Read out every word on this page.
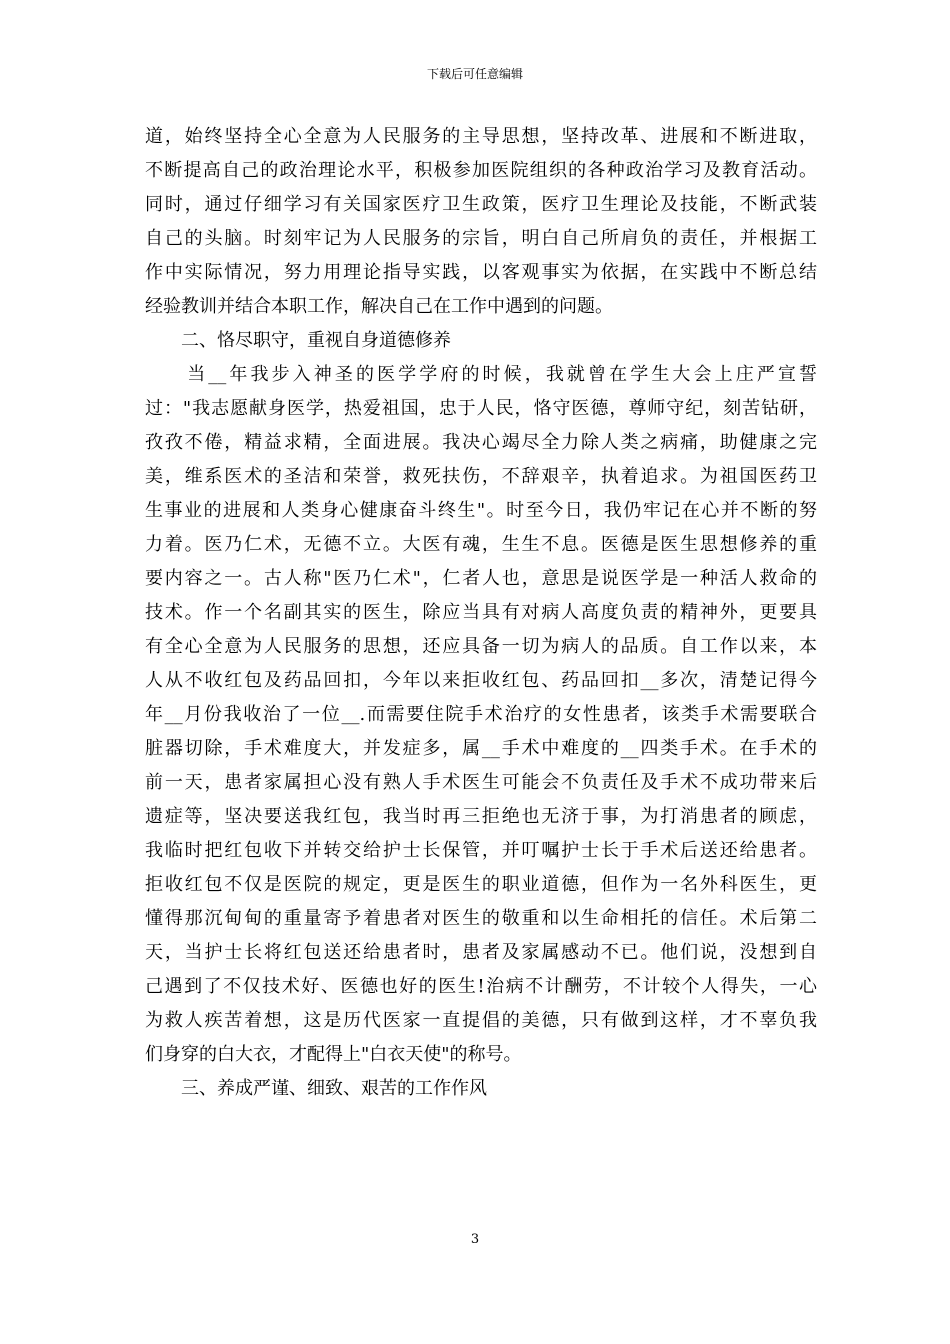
下载后可任意编辑
道，始终坚持全心全意为人民服务的主导思想，坚持改革、进展和不断进取，
不断提高自己的政治理论水平，积极参加医院组织的各种政治学习及教育活动。
同时，通过仔细学习有关国家医疗卫生政策，医疗卫生理论及技能，不断武装
自己的头脑。时刻牢记为人民服务的宗旨，明白自己所肩负的责任，并根据工
作中实际情况，努力用理论指导实践，以客观事实为依据，在实践中不断总结
经验教训并结合本职工作，解决自己在工作中遇到的问题。
　　二、恪尽职守，重视自身道德修养
　　当__年我步入神圣的医学学府的时候，我就曾在学生大会上庄严宣誓
过："我志愿献身医学，热爱祖国，忠于人民，恪守医德，尊师守纪，刻苦钻研，
孜孜不倦，精益求精，全面进展。我决心竭尽全力除人类之病痛，助健康之完
美，维系医术的圣洁和荣誉，救死扶伤，不辞艰辛，执着追求。为祖国医药卫
生事业的进展和人类身心健康奋斗终生"。时至今日，我仍牢记在心并不断的努
力着。医乃仁术，无德不立。大医有魂，生生不息。医德是医生思想修养的重
要内容之一。古人称"医乃仁术"，仁者人也，意思是说医学是一种活人救命的
技术。作一个名副其实的医生，除应当具有对病人高度负责的精神外，更要具
有全心全意为人民服务的思想，还应具备一切为病人的品质。自工作以来，本
人从不收红包及药品回扣，今年以来拒收红包、药品回扣__多次，清楚记得今
年__月份我收治了一位__.而需要住院手术治疗的女性患者，该类手术需要联合
脏器切除，手术难度大，并发症多，属__手术中难度的__四类手术。在手术的
前一天，患者家属担心没有熟人手术医生可能会不负责任及手术不成功带来后
遗症等，坚决要送我红包，我当时再三拒绝也无济于事，为打消患者的顾虑，
我临时把红包收下并转交给护士长保管，并叮嘱护士长于手术后送还给患者。
拒收红包不仅是医院的规定，更是医生的职业道德，但作为一名外科医生，更
懂得那沉甸甸的重量寄予着患者对医生的敬重和以生命相托的信任。术后第二
天，当护士长将红包送还给患者时，患者及家属感动不已。他们说，没想到自
己遇到了不仅技术好、医德也好的医生!治病不计酬劳，不计较个人得失，一心
为救人疾苦着想，这是历代医家一直提倡的美德，只有做到这样，才不辜负我
们身穿的白大衣，才配得上"白衣天使"的称号。
　　三、养成严谨、细致、艰苦的工作作风
3
